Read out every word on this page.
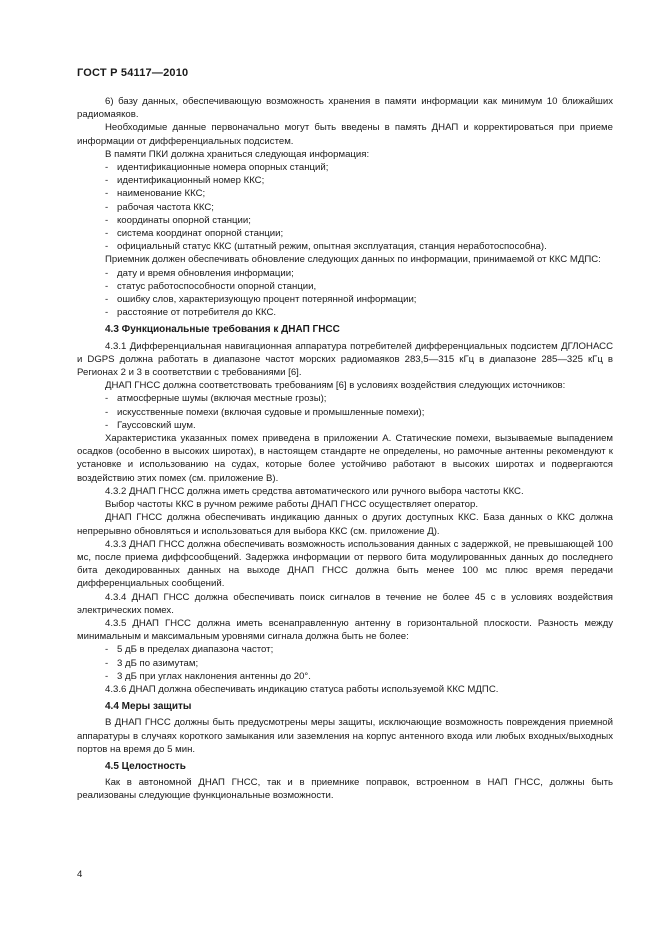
ГОСТ Р 54117—2010
6) базу данных, обеспечивающую возможность хранения в памяти информации как минимум 10 ближайших радиомаяков.
Необходимые данные первоначально могут быть введены в память ДНАП и корректироваться при приеме информации от дифференциальных подсистем.
В памяти ПКИ должна храниться следующая информация:
- идентификационные номера опорных станций;
- идентификационный номер ККС;
- наименование ККС;
- рабочая частота ККС;
- координаты опорной станции;
- система координат опорной станции;
- официальный статус ККС (штатный режим, опытная эксплуатация, станция неработоспособна).
Приемник должен обеспечивать обновление следующих данных по информации, принимаемой от ККС МДПС:
- дату и время обновления информации;
- статус работоспособности опорной станции,
- ошибку слов, характеризующую процент потерянной информации;
- расстояние от потребителя до ККС.
4.3 Функциональные требования к ДНАП ГНСС
4.3.1 Дифференциальная навигационная аппаратура потребителей дифференциальных подсистем ДГЛОНАСС и DGPS должна работать в диапазоне частот морских радиомаяков 283,5—315 кГц в диапазоне 285—325 кГц в Регионах 2 и 3 в соответствии с требованиями [6].
ДНАП ГНСС должна соответствовать требованиям [6] в условиях воздействия следующих источников:
- атмосферные шумы (включая местные грозы);
- искусственные помехи (включая судовые и промышленные помехи);
- Гауссовский шум.
Характеристика указанных помех приведена в приложении А. Статические помехи, вызываемые выпадением осадков (особенно в высоких широтах), в настоящем стандарте не определены, но рамочные антенны рекомендуют к установке и использованию на судах, которые более устойчиво работают в высоких широтах и подвергаются воздействию этих помех (см. приложение В).
4.3.2 ДНАП ГНСС должна иметь средства автоматического или ручного выбора частоты ККС.
Выбор частоты ККС в ручном режиме работы ДНАП ГНСС осуществляет оператор.
ДНАП ГНСС должна обеспечивать индикацию данных о других доступных ККС. База данных о ККС должна непрерывно обновляться и использоваться для выбора ККС (см. приложение Д).
4.3.3 ДНАП ГНСС должна обеспечивать возможность использования данных с задержкой, не превышающей 100 мс, после приема диффсообщений. Задержка информации от первого бита модулированных данных до последнего бита декодированных данных на выходе ДНАП ГНСС должна быть менее 100 мс плюс время передачи дифференциальных сообщений.
4.3.4 ДНАП ГНСС должна обеспечивать поиск сигналов в течение не более 45 с в условиях воздействия электрических помех.
4.3.5 ДНАП ГНСС должна иметь всенаправленную антенну в горизонтальной плоскости. Разность между минимальным и максимальным уровнями сигнала должна быть не более:
- 5 дБ в пределах диапазона частот;
- 3 дБ по азимутам;
- 3 дБ при углах наклонения антенны до 20°.
4.3.6 ДНАП должна обеспечивать индикацию статуса работы используемой ККС МДПС.
4.4 Меры защиты
В ДНАП ГНСС должны быть предусмотрены меры защиты, исключающие возможность повреждения приемной аппаратуры в случаях короткого замыкания или заземления на корпус антенного входа или любых входных/выходных портов на время до 5 мин.
4.5 Целостность
Как в автономной ДНАП ГНСС, так и в приемнике поправок, встроенном в НАП ГНСС, должны быть реализованы следующие функциональные возможности.
4
